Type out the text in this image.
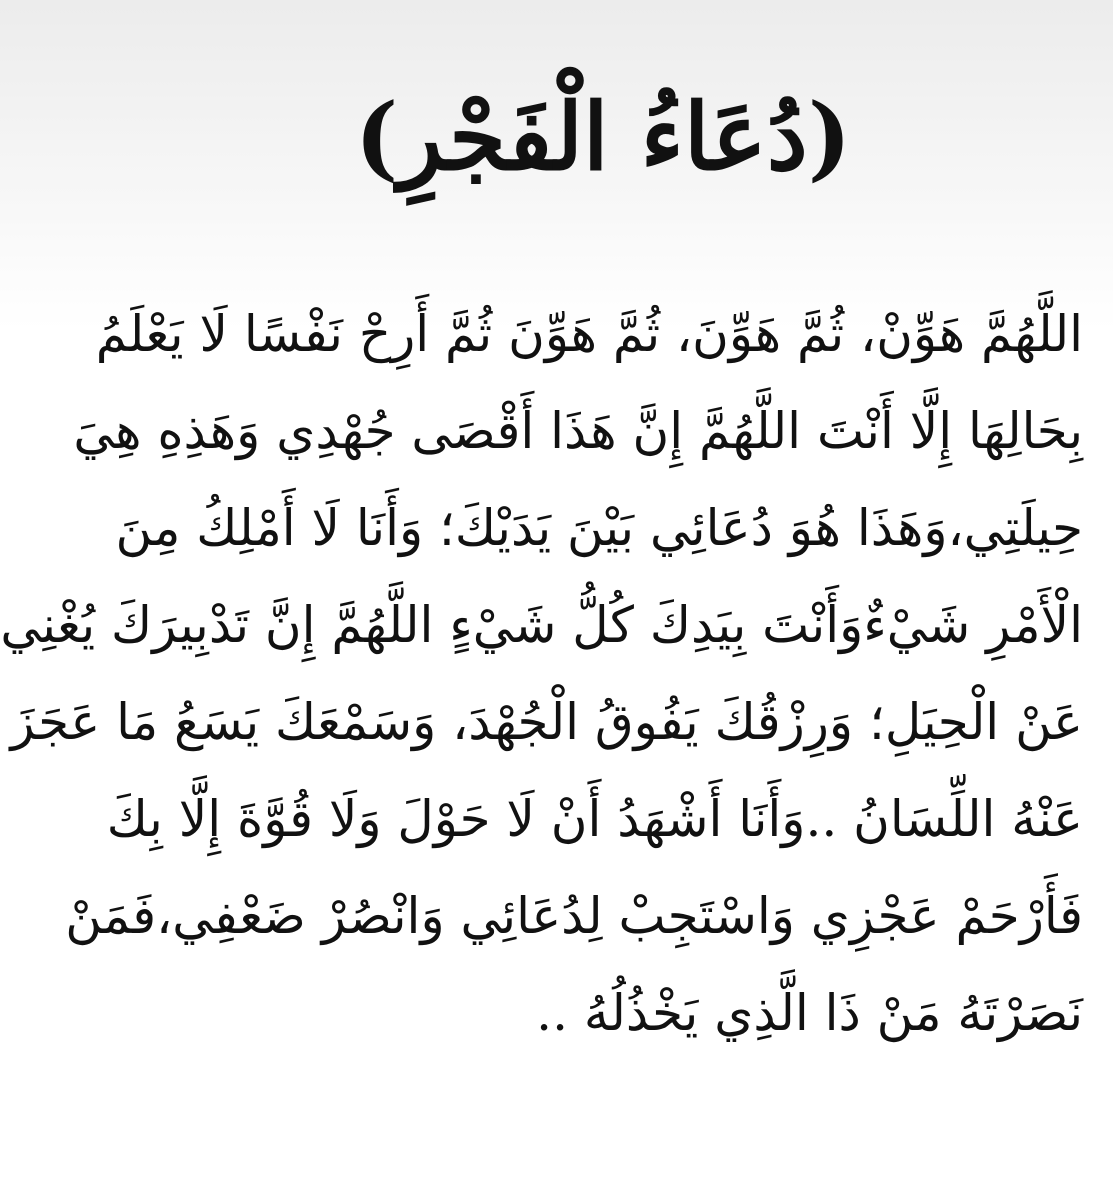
(دُعَاءُ الْفَجْرِ)
اللَّهُمَّ هَوِّنْ، ثُمَّ هَوِّنَ، ثُمَّ هَوِّنَ ثُمَّ أَرِحْ نَفْسًا لَا يَعْلَمُ
بِحَالِهَا إِلَّا أَنْتَ اللَّهُمَّ إِنَّ هَذَا أَقْصَى جُهْدِي وَهَذِهِ هِيَ
حِيلَتِي،وَهَذَا هُوَ دُعَائِي بَيْنَ يَدَيْكَ؛ وَأَنَا لَا أَمْلِكُ مِنَ
الْأَمْرِ شَيْءٌوَأَنْتَ بِيَدِكَ كُلُّ شَيْءٍ اللَّهُمَّ إِنَّ تَدْبِيرَكَ يُغْنِي
عَنْ الْحِيَلِ؛ وَرِزْقُكَ يَفُوقُ الْجُهْدَ، وَسَمْعَكَ يَسَعُ مَا عَجَزَ
عَنْهُ اللِّسَانُ ..وَأَنَا أَشْهَدُ أَنْ لَا حَوْلَ وَلَا قُوَّةَ إِلَّا بِكَ
فَأَرْحَمْ عَجْزِي وَاسْتَجِبْ لِدُعَائِي وَانْصُرْ ضَعْفِي،فَمَنْ
نَصَرْتَهُ مَنْ ذَا الَّذِي يَخْذُلُهُ ..
